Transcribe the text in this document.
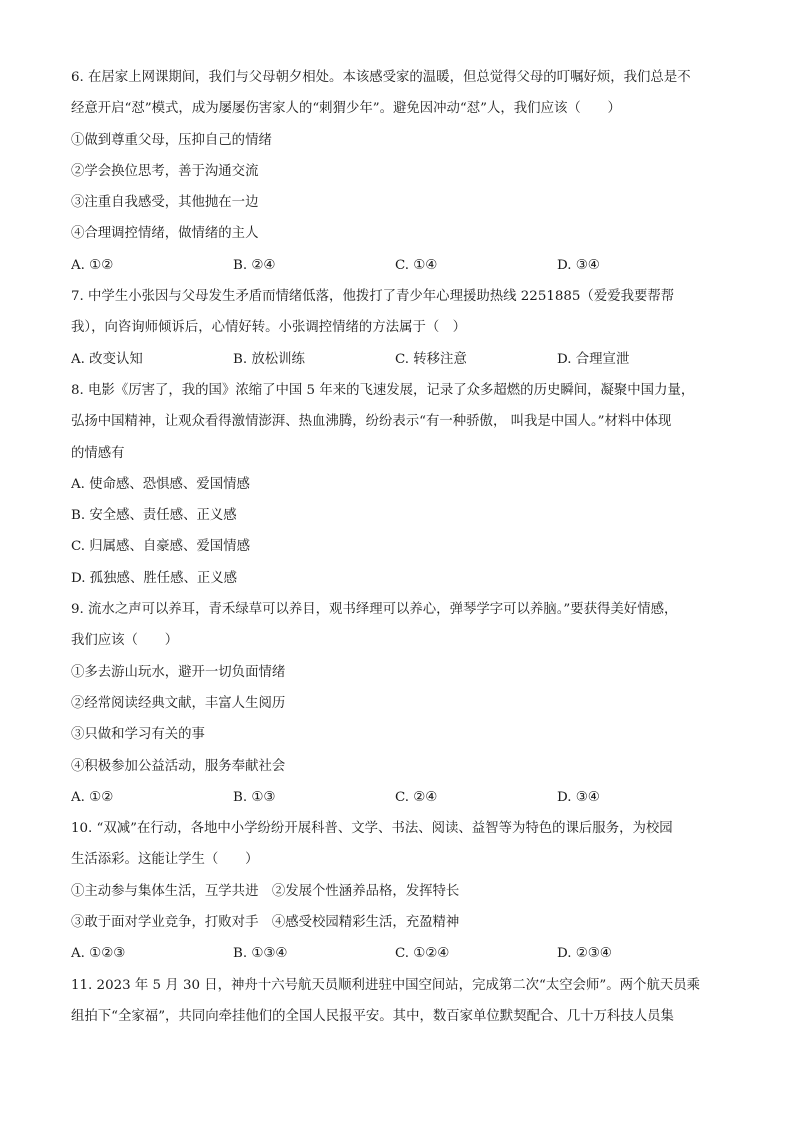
6. 在居家上网课期间，我们与父母朝夕相处。本该感受家的温暖，但总觉得父母的叮嘱好烦，我们总是不
经意开启“怼”模式，成为屡屡伤害家人的“刺猬少年”。避免因冲动“怼”人，我们应该（　　）
①做到尊重父母，压抑自己的情绪
②学会换位思考，善于沟通交流
③注重自我感受，其他抛在一边
④合理调控情绪，做情绪的主人
A. ①②	B. ②④	C. ①④	D. ③④
7. 中学生小张因与父母发生矛盾而情绪低落，他拨打了青少年心理援助热线 2251885（爱爱我要帮帮
我），向咨询师倾诉后，心情好转。小张调控情绪的方法属于（　）
A. 改变认知	B. 放松训练	C. 转移注意	D. 合理宣泄
8. 电影《厉害了，我的国》浓缩了中国 5 年来的飞速发展，记录了众多超燃的历史瞬间，凝聚中国力量，
弘扬中国精神，让观众看得激情澎湃、热血沸腾，纷纷表示“有一种骄傲， 叫我是中国人。”材料中体现
的情感有
A. 使命感、恐惧感、爱国情感
B. 安全感、责任感、正义感
C. 归属感、自豪感、爱国情感
D. 孤独感、胜任感、正义感
9. 流水之声可以养耳，青禾绿草可以养目，观书绎理可以养心，弹琴学字可以养脑。”要获得美好情感，
我们应该（　　）
①多去游山玩水，避开一切负面情绪
②经常阅读经典文献，丰富人生阅历
③只做和学习有关的事
④积极参加公益活动，服务奉献社会
A. ①②	B. ①③	C. ②④	D. ③④
10. “双减”在行动，各地中小学纷纷开展科普、文学、书法、阅读、益智等为特色的课后服务，为校园
生活添彩。这能让学生（　　）
①主动参与集体生活，互学共进　②发展个性涵养品格，发挥特长
③敢于面对学业竞争，打败对手　④感受校园精彩生活，充盈精神
A. ①②③	B. ①③④	C. ①②④	D. ②③④
11. 2023 年 5 月 30 日，神舟十六号航天员顺利进驻中国空间站，完成第二次“太空会师”。两个航天员乘
组拍下“全家福”，共同向牵挂他们的全国人民报平安。其中，数百家单位默契配合、几十万科技人员集
